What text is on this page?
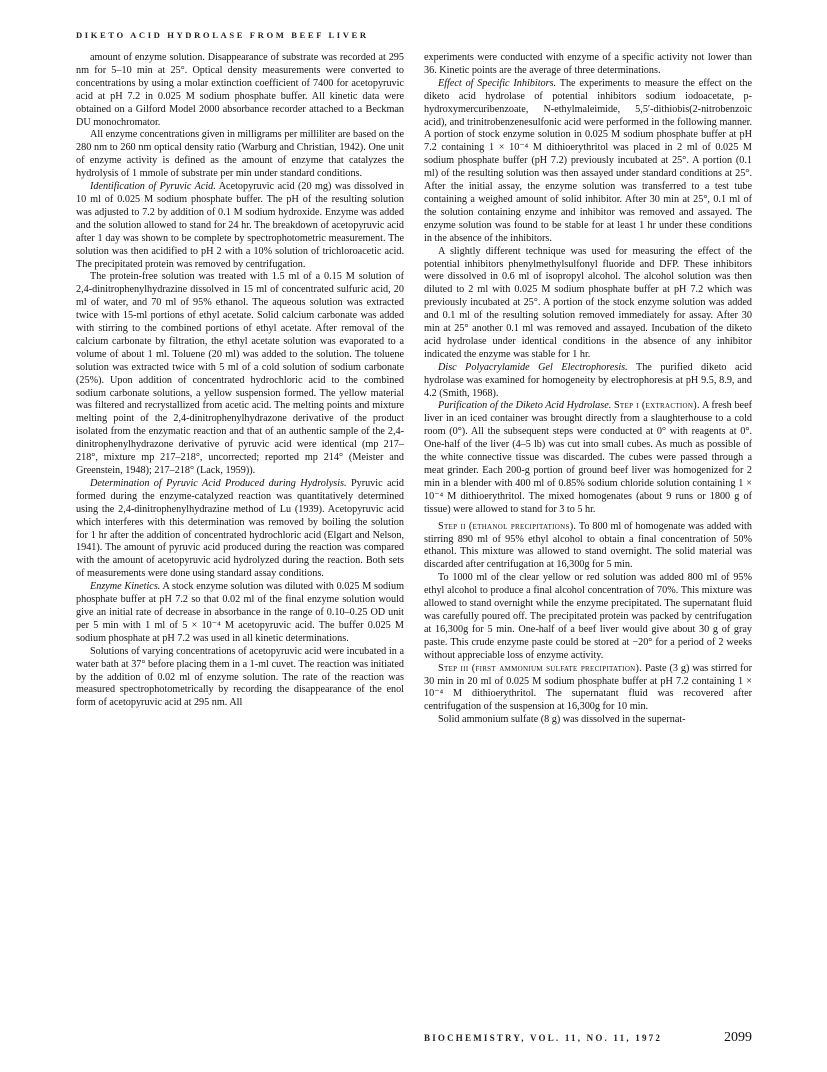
DIKETO ACID HYDROLASE FROM BEEF LIVER

amount of enzyme solution. Disappearance of substrate was recorded at 295 nm for 5–10 min at 25°. Optical density measurements were converted to concentrations by using a molar extinction coefficient of 7400 for acetopyruvic acid at pH 7.2 in 0.025 M sodium phosphate buffer. All kinetic data were obtained on a Gilford Model 2000 absorbance recorder attached to a Beckman DU monochromator.

All enzyme concentrations given in milligrams per milliliter are based on the 280 nm to 260 nm optical density ratio (Warburg and Christian, 1942). One unit of enzyme activity is defined as the amount of enzyme that catalyzes the hydrolysis of 1 mmole of substrate per min under standard conditions.

Identification of Pyruvic Acid. Acetopyruvic acid (20 mg) was dissolved in 10 ml of 0.025 M sodium phosphate buffer. The pH of the resulting solution was adjusted to 7.2 by addition of 0.1 M sodium hydroxide. Enzyme was added and the solution allowed to stand for 24 hr. The breakdown of acetopyruvic acid after 1 day was shown to be complete by spectrophotometric measurement. The solution was then acidified to pH 2 with a 10% solution of trichloroacetic acid. The precipitated protein was removed by centrifugation.

The protein-free solution was treated with 1.5 ml of a 0.15 M solution of 2,4-dinitrophenylhydrazine dissolved in 15 ml of concentrated sulfuric acid, 20 ml of water, and 70 ml of 95% ethanol. The aqueous solution was extracted twice with 15-ml portions of ethyl acetate. Solid calcium carbonate was added with stirring to the combined portions of ethyl acetate. After removal of the calcium carbonate by filtration, the ethyl acetate solution was evaporated to a volume of about 1 ml. Toluene (20 ml) was added to the solution. The toluene solution was extracted twice with 5 ml of a cold solution of sodium carbonate (25%). Upon addition of concentrated hydrochloric acid to the combined sodium carbonate solutions, a yellow suspension formed. The yellow material was filtered and recrystallized from acetic acid. The melting points and mixture melting point of the 2,4-dinitrophenylhydrazone derivative of the product isolated from the enzymatic reaction and that of an authentic sample of the 2,4-dinitrophenylhydrazone derivative of pyruvic acid were identical (mp 217–218°, mixture mp 217–218°, uncorrected; reported mp 214° (Meister and Greenstein, 1948); 217–218° (Lack, 1959)).

Determination of Pyruvic Acid Produced during Hydrolysis. Pyruvic acid formed during the enzyme-catalyzed reaction was quantitatively determined using the 2,4-dinitrophenylhydrazine method of Lu (1939). Acetopyruvic acid which interferes with this determination was removed by boiling the solution for 1 hr after the addition of concentrated hydrochloric acid (Elgart and Nelson, 1941). The amount of pyruvic acid produced during the reaction was compared with the amount of acetopyruvic acid hydrolyzed during the reaction. Both sets of measurements were done using standard assay conditions.

Enzyme Kinetics. A stock enzyme solution was diluted with 0.025 M sodium phosphate buffer at pH 7.2 so that 0.02 ml of the final enzyme solution would give an initial rate of decrease in absorbance in the range of 0.10–0.25 OD unit per 5 min with 1 ml of 5 × 10⁻⁴ M acetopyruvic acid. The buffer 0.025 M sodium phosphate at pH 7.2 was used in all kinetic determinations.

Solutions of varying concentrations of acetopyruvic acid were incubated in a water bath at 37° before placing them in a 1-ml cuvet. The reaction was initiated by the addition of 0.02 ml of enzyme solution. The rate of the reaction was measured spectrophotometrically by recording the disappearance of the enol form of acetopyruvic acid at 295 nm. All

experiments were conducted with enzyme of a specific activity not lower than 36. Kinetic points are the average of three determinations.

Effect of Specific Inhibitors. The experiments to measure the effect on the diketo acid hydrolase of potential inhibitors sodium iodoacetate, p-hydroxymercuribenzoate, N-ethylmaleimide, 5,5′-dithiobis(2-nitrobenzoic acid), and trinitrobenzenesulfonic acid were performed in the following manner. A portion of stock enzyme solution in 0.025 M sodium phosphate buffer at pH 7.2 containing 1 × 10⁻⁴ M dithioerythritol was placed in 2 ml of 0.025 M sodium phosphate buffer (pH 7.2) previously incubated at 25°. A portion (0.1 ml) of the resulting solution was then assayed under standard conditions at 25°. After the initial assay, the enzyme solution was transferred to a test tube containing a weighed amount of solid inhibitor. After 30 min at 25°, 0.1 ml of the solution containing enzyme and inhibitor was removed and assayed. The enzyme solution was found to be stable for at least 1 hr under these conditions in the absence of the inhibitors.

A slightly different technique was used for measuring the effect of the potential inhibitors phenylmethylsulfonyl fluoride and DFP. These inhibitors were dissolved in 0.6 ml of isopropyl alcohol. The alcohol solution was then diluted to 2 ml with 0.025 M sodium phosphate buffer at pH 7.2 which was previously incubated at 25°. A portion of the stock enzyme solution was added and 0.1 ml of the resulting solution removed immediately for assay. After 30 min at 25° another 0.1 ml was removed and assayed. Incubation of the diketo acid hydrolase under identical conditions in the absence of any inhibitor indicated the enzyme was stable for 1 hr.

Disc Polyacrylamide Gel Electrophoresis. The purified diketo acid hydrolase was examined for homogeneity by electrophoresis at pH 9.5, 8.9, and 4.2 (Smith, 1968).

Purification of the Diketo Acid Hydrolase. Step i (extraction). A fresh beef liver in an iced container was brought directly from a slaughterhouse to a cold room (0°). All the subsequent steps were conducted at 0° with reagents at 0°. One-half of the liver (4–5 lb) was cut into small cubes. As much as possible of the white connective tissue was discarded. The cubes were passed through a meat grinder. Each 200-g portion of ground beef liver was homogenized for 2 min in a blender with 400 ml of 0.85% sodium chloride solution containing 1 × 10⁻⁴ M dithioerythritol. The mixed homogenates (about 9 runs or 1800 g of tissue) were allowed to stand for 3 to 5 hr.

Step ii (ethanol precipitations). To 800 ml of homogenate was added with stirring 890 ml of 95% ethyl alcohol to obtain a final concentration of 50% ethanol. This mixture was allowed to stand overnight. The solid material was discarded after centrifugation at 16,300g for 5 min.

To 1000 ml of the clear yellow or red solution was added 800 ml of 95% ethyl alcohol to produce a final alcohol concentration of 70%. This mixture was allowed to stand overnight while the enzyme precipitated. The supernatant fluid was carefully poured off. The precipitated protein was packed by centrifugation at 16,300g for 5 min. One-half of a beef liver would give about 30 g of gray paste. This crude enzyme paste could be stored at −20° for a period of 2 weeks without appreciable loss of enzyme activity.

Step iii (first ammonium sulfate precipitation). Paste (3 g) was stirred for 30 min in 20 ml of 0.025 M sodium phosphate buffer at pH 7.2 containing 1 × 10⁻⁴ M dithioerythritol. The supernatant fluid was recovered after centrifugation of the suspension at 16,300g for 10 min.

Solid ammonium sulfate (8 g) was dissolved in the supernat-

BIOCHEMISTRY, VOL. 11, NO. 11, 1972	2099
